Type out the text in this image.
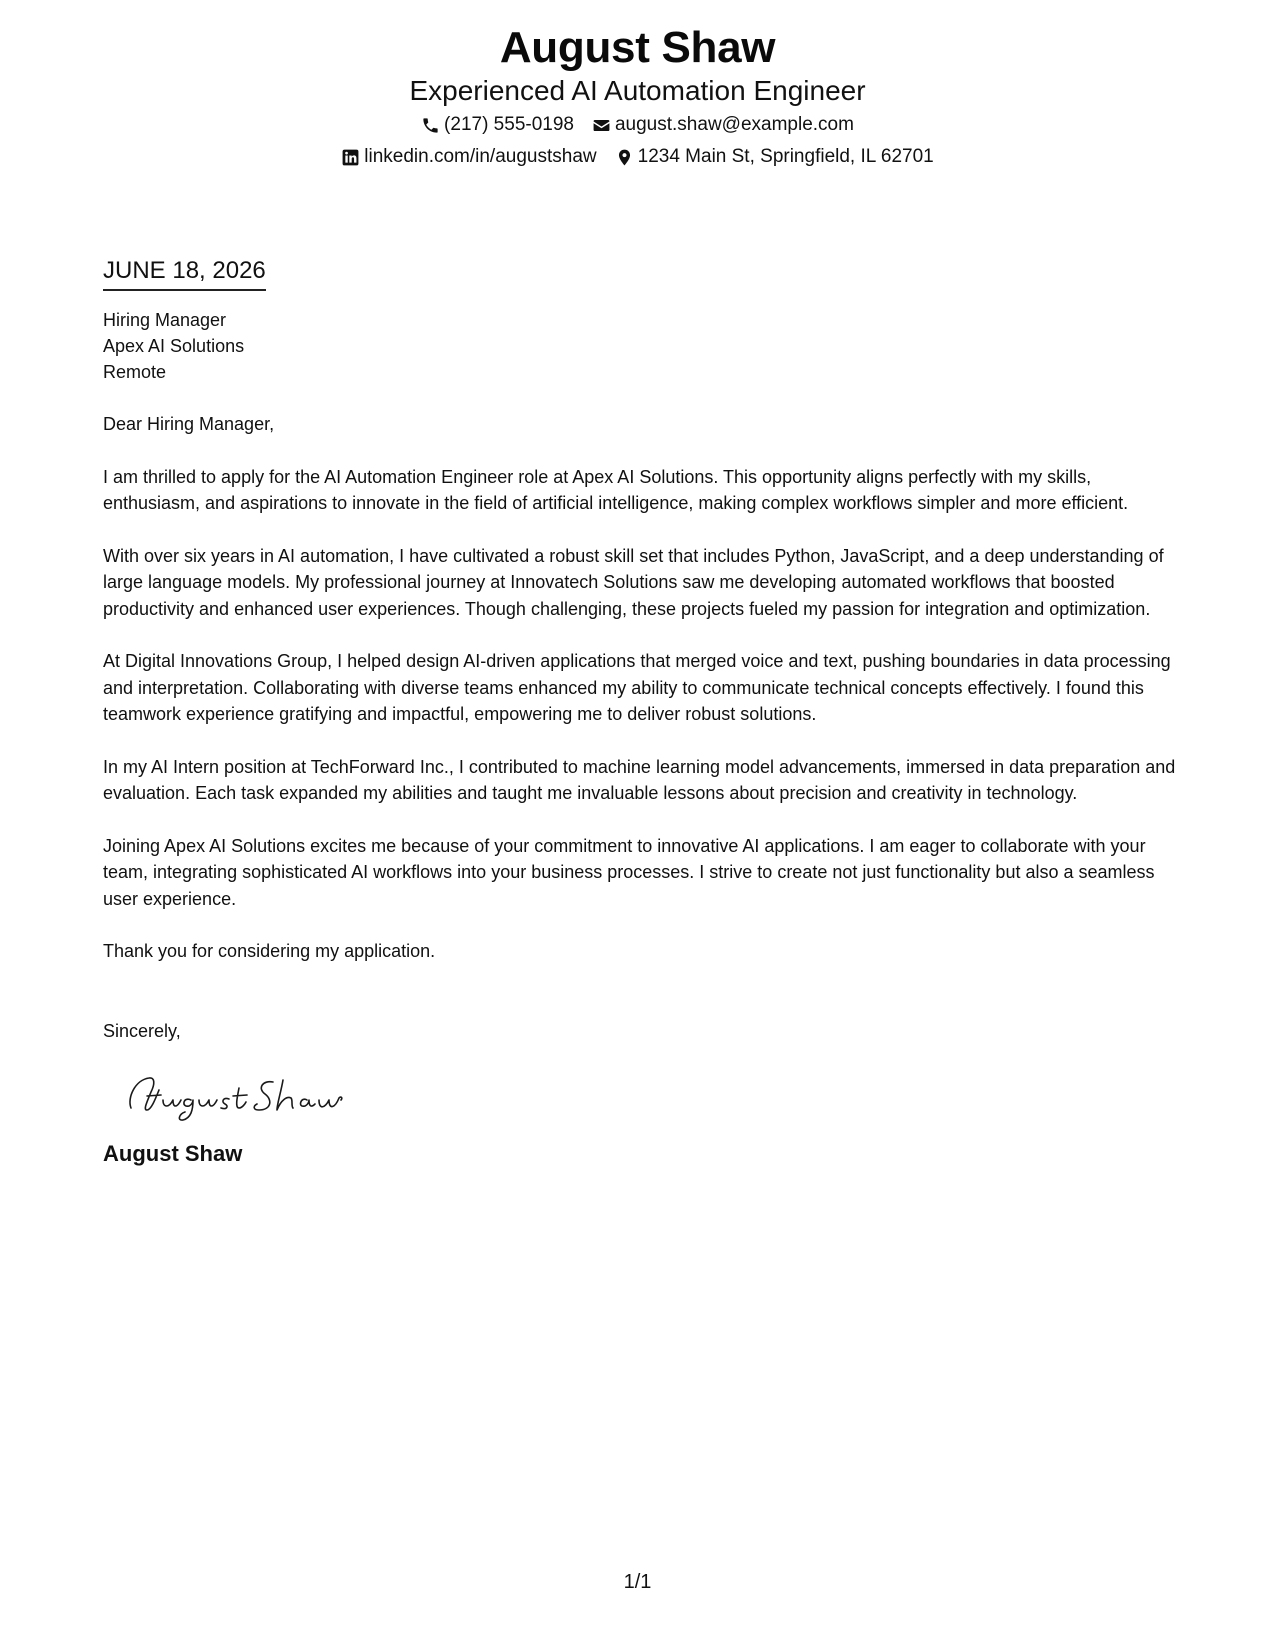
August Shaw
Experienced AI Automation Engineer
(217) 555-0198 august.shaw@example.com
linkedin.com/in/augustshaw 1234 Main St, Springfield, IL 62701
JUNE 18, 2026
Hiring Manager
Apex AI Solutions
Remote
Dear Hiring Manager,
I am thrilled to apply for the AI Automation Engineer role at Apex AI Solutions. This opportunity aligns perfectly with my skills, enthusiasm, and aspirations to innovate in the field of artificial intelligence, making complex workflows simpler and more efficient.
With over six years in AI automation, I have cultivated a robust skill set that includes Python, JavaScript, and a deep understanding of large language models. My professional journey at Innovatech Solutions saw me developing automated workflows that boosted productivity and enhanced user experiences. Though challenging, these projects fueled my passion for integration and optimization.
At Digital Innovations Group, I helped design AI-driven applications that merged voice and text, pushing boundaries in data processing and interpretation. Collaborating with diverse teams enhanced my ability to communicate technical concepts effectively. I found this teamwork experience gratifying and impactful, empowering me to deliver robust solutions.
In my AI Intern position at TechForward Inc., I contributed to machine learning model advancements, immersed in data preparation and evaluation. Each task expanded my abilities and taught me invaluable lessons about precision and creativity in technology.
Joining Apex AI Solutions excites me because of your commitment to innovative AI applications. I am eager to collaborate with your team, integrating sophisticated AI workflows into your business processes. I strive to create not just functionality but also a seamless user experience.
Thank you for considering my application.
Sincerely,
August Shaw
1/1
